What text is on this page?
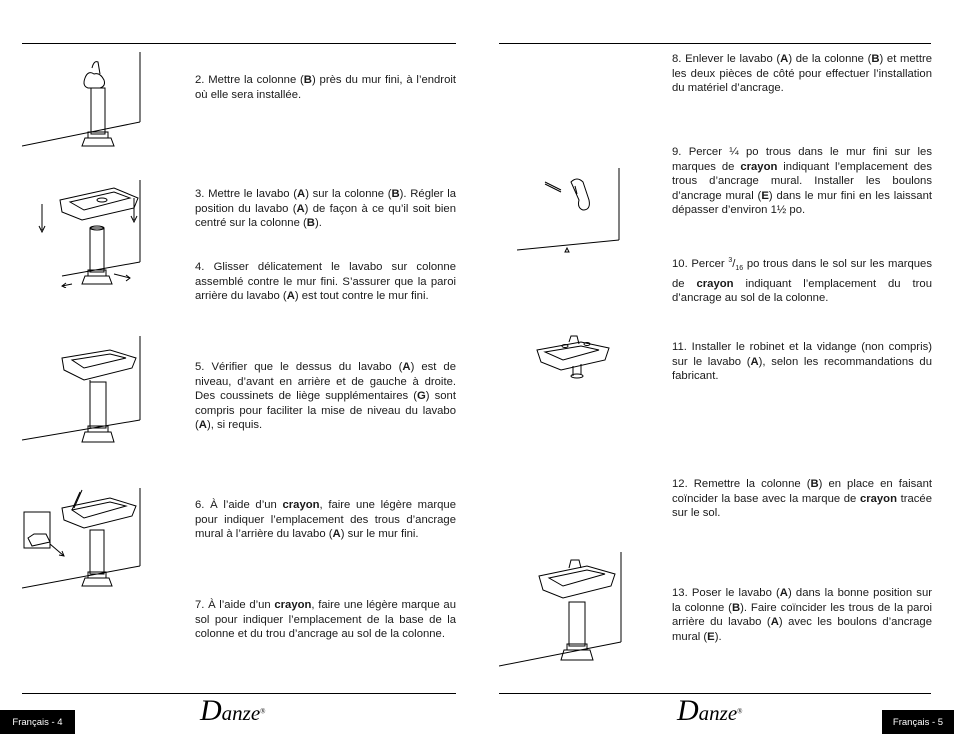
2. Mettre la colonne (B) près du mur fini, à l’endroit où elle sera installée.

3. Mettre le lavabo (A) sur la colonne (B). Régler la position du lavabo (A) de façon à ce qu’il soit bien centré sur la colonne (B).

4. Glisser délicatement le lavabo sur colonne assemblé contre le mur fini. S’assurer que la paroi arrière du lavabo (A) est tout contre le mur fini.

5. Vérifier que le dessus du lavabo (A) est de niveau, d’avant en arrière et de gauche à droite. Des coussinets de liège supplémentaires (G) sont compris pour faciliter la mise de niveau du lavabo (A), si requis.

6. À l’aide d’un crayon, faire une légère marque pour indiquer l’emplacement des trous d’ancrage mural à l’arrière du lavabo (A) sur le mur fini.

7. À l’aide d’un crayon, faire une légère marque au sol pour indiquer l’emplacement de la base de la colonne et du trou d’ancrage au sol de la colonne.

Français - 4	Danze®

8. Enlever le lavabo (A) de la colonne (B) et mettre les deux pièces de côté pour effectuer l’installation du matériel d’ancrage.

9. Percer ¼ po trous dans le mur fini sur les marques de crayon indiquant l’emplacement des trous d’ancrage mural. Installer les boulons d’ancrage mural (E) dans le mur fini en les laissant dépasser d’environ 1½ po.

10. Percer $^3/_{16}$ po trous dans le sol sur les marques de crayon indiquant l’emplacement du trou d’ancrage au sol de la colonne.

11. Installer le robinet et la vidange (non compris) sur le lavabo (A), selon les recommandations du fabricant.

12. Remettre la colonne (B) en place en faisant coïncider la base avec la marque de crayon tracée sur le sol.

13. Poser le lavabo (A) dans la bonne position sur la colonne (B). Faire coïncider les trous de la paroi arrière du lavabo (A) avec les boulons d’ancrage mural (E).

Danze®
Français - 5
